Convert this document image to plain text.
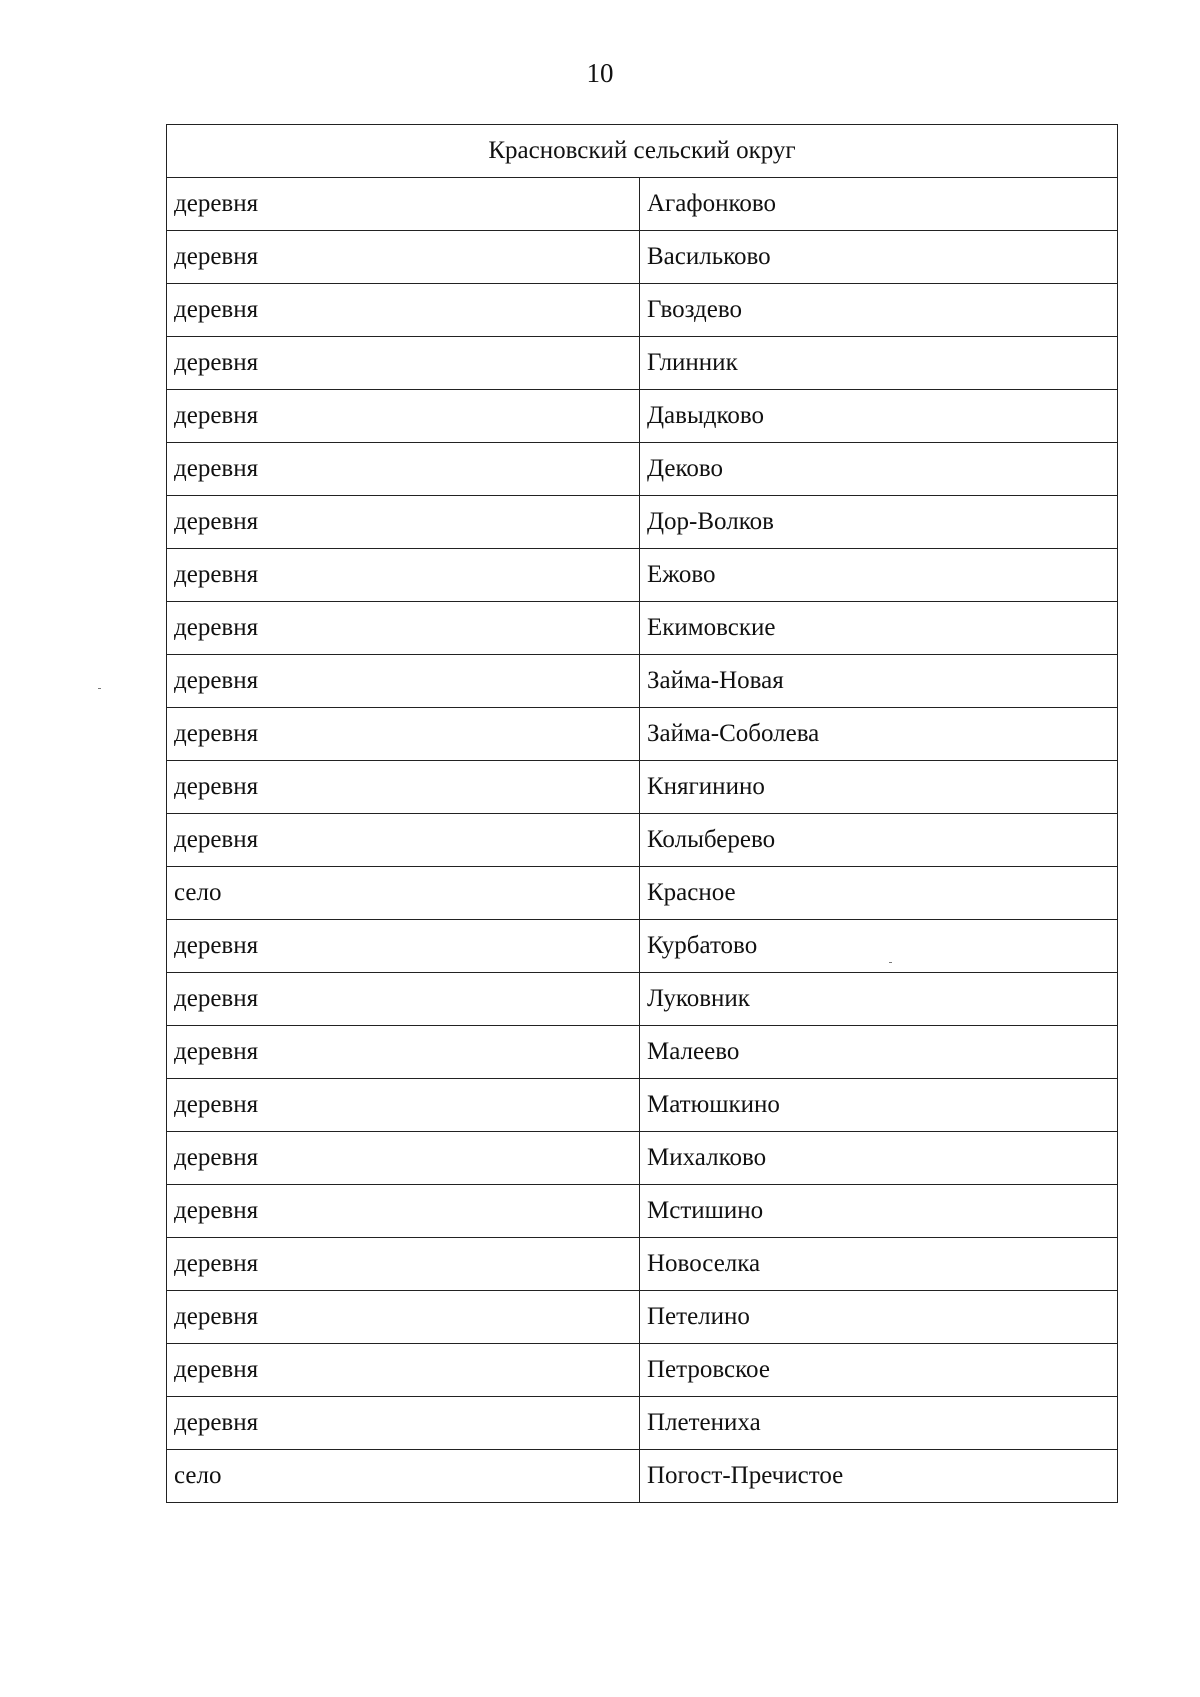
10
Красновский сельский округ	
деревня	Агафонково
деревня	Васильково
деревня	Гвоздево
деревня	Глинник
деревня	Давыдково
деревня	Деково
деревня	Дор-Волков
деревня	Ежово
деревня	Екимовские
деревня	Займа-Новая
деревня	Займа-Соболева
деревня	Княгинино
деревня	Колыберево
село	Красное
деревня	Курбатово
деревня	Луковник
деревня	Малеево
деревня	Матюшкино
деревня	Михалково
деревня	Мстишино
деревня	Новоселка
деревня	Петелино
деревня	Петровское
деревня	Плетениха
село	Погост-Пречистое
